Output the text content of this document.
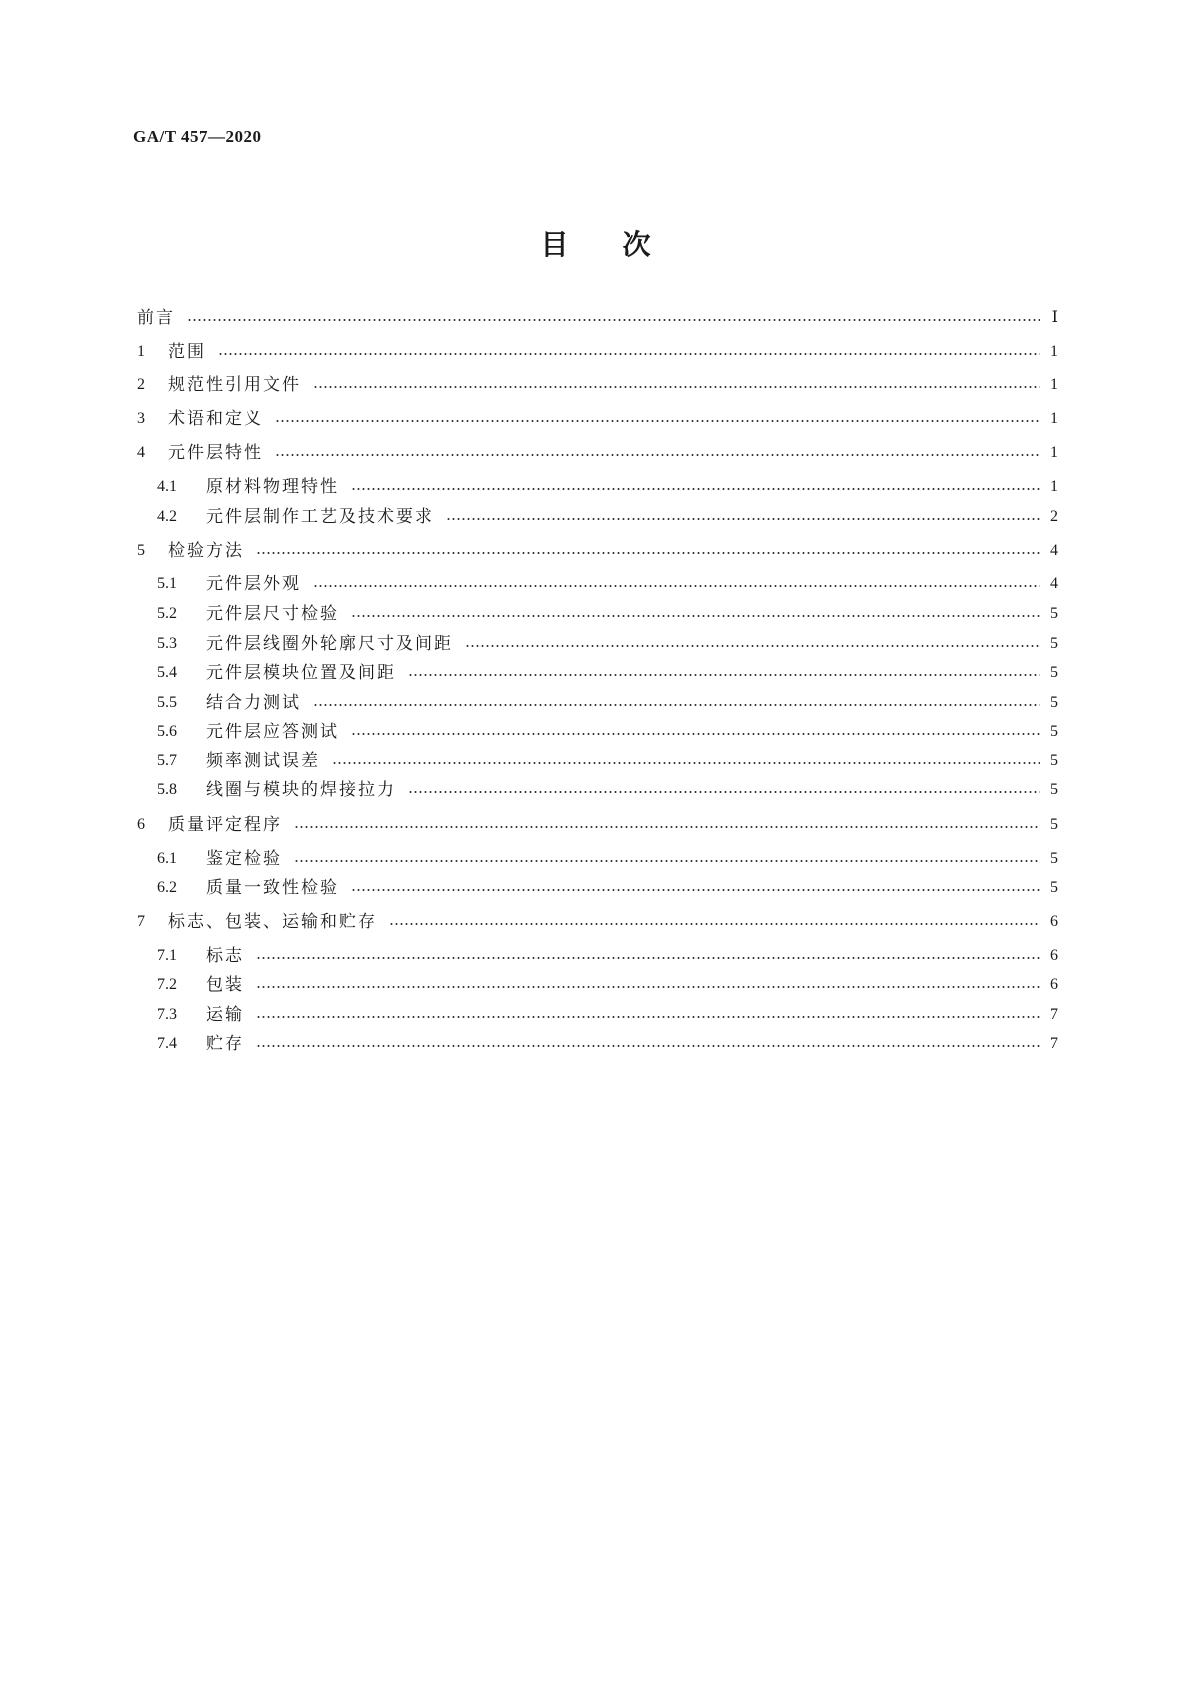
GA/T 457—2020
目次
前言	Ⅰ
1	范围	1
2	规范性引用文件	1
3	术语和定义	1
4	元件层特性	1
4.1	原材料物理特性	1
4.2	元件层制作工艺及技术要求	2
5	检验方法	4
5.1	元件层外观	4
5.2	元件层尺寸检验	5
5.3	元件层线圈外轮廓尺寸及间距	5
5.4	元件层模块位置及间距	5
5.5	结合力测试	5
5.6	元件层应答测试	5
5.7	频率测试误差	5
5.8	线圈与模块的焊接拉力	5
6	质量评定程序	5
6.1	鉴定检验	5
6.2	质量一致性检验	5
7	标志、包装、运输和贮存	6
7.1	标志	6
7.2	包装	6
7.3	运输	7
7.4	贮存	7
